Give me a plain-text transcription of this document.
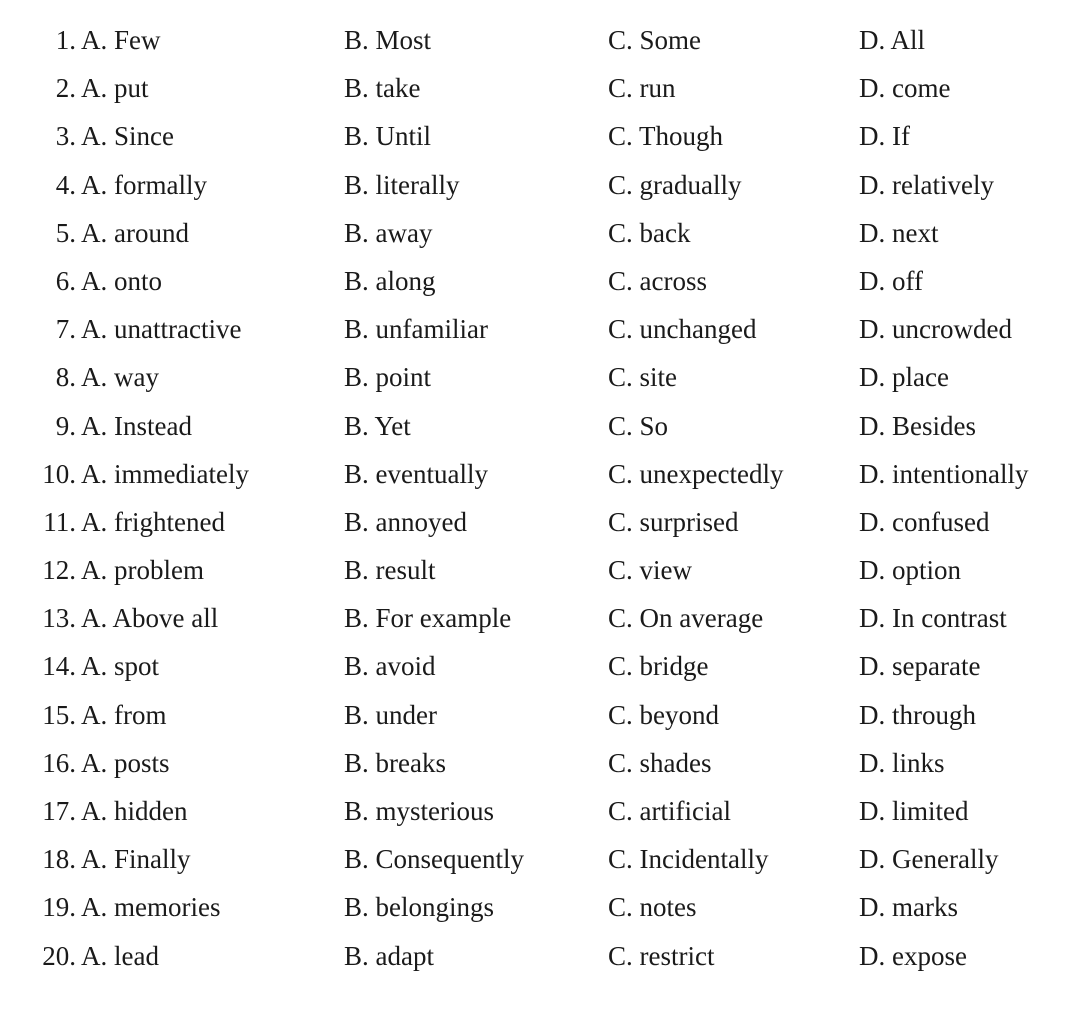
1. A. Few	B. Most	C. Some	D. All
2. A. put	B. take	C. run	D. come
3. A. Since	B. Until	C. Though	D. If
4. A. formally	B. literally	C. gradually	D. relatively
5. A. around	B. away	C. back	D. next
6. A. onto	B. along	C. across	D. off
7. A. unattractive	B. unfamiliar	C. unchanged	D. uncrowded
8. A. way	B. point	C. site	D. place
9. A. Instead	B. Yet	C. So	D. Besides
10. A. immediately	B. eventually	C. unexpectedly	D. intentionally
11. A. frightened	B. annoyed	C. surprised	D. confused
12. A. problem	B. result	C. view	D. option
13. A. Above all	B. For example	C. On average	D. In contrast
14. A. spot	B. avoid	C. bridge	D. separate
15. A. from	B. under	C. beyond	D. through
16. A. posts	B. breaks	C. shades	D. links
17. A. hidden	B. mysterious	C. artificial	D. limited
18. A. Finally	B. Consequently	C. Incidentally	D. Generally
19. A. memories	B. belongings	C. notes	D. marks
20. A. lead	B. adapt	C. restrict	D. expose
